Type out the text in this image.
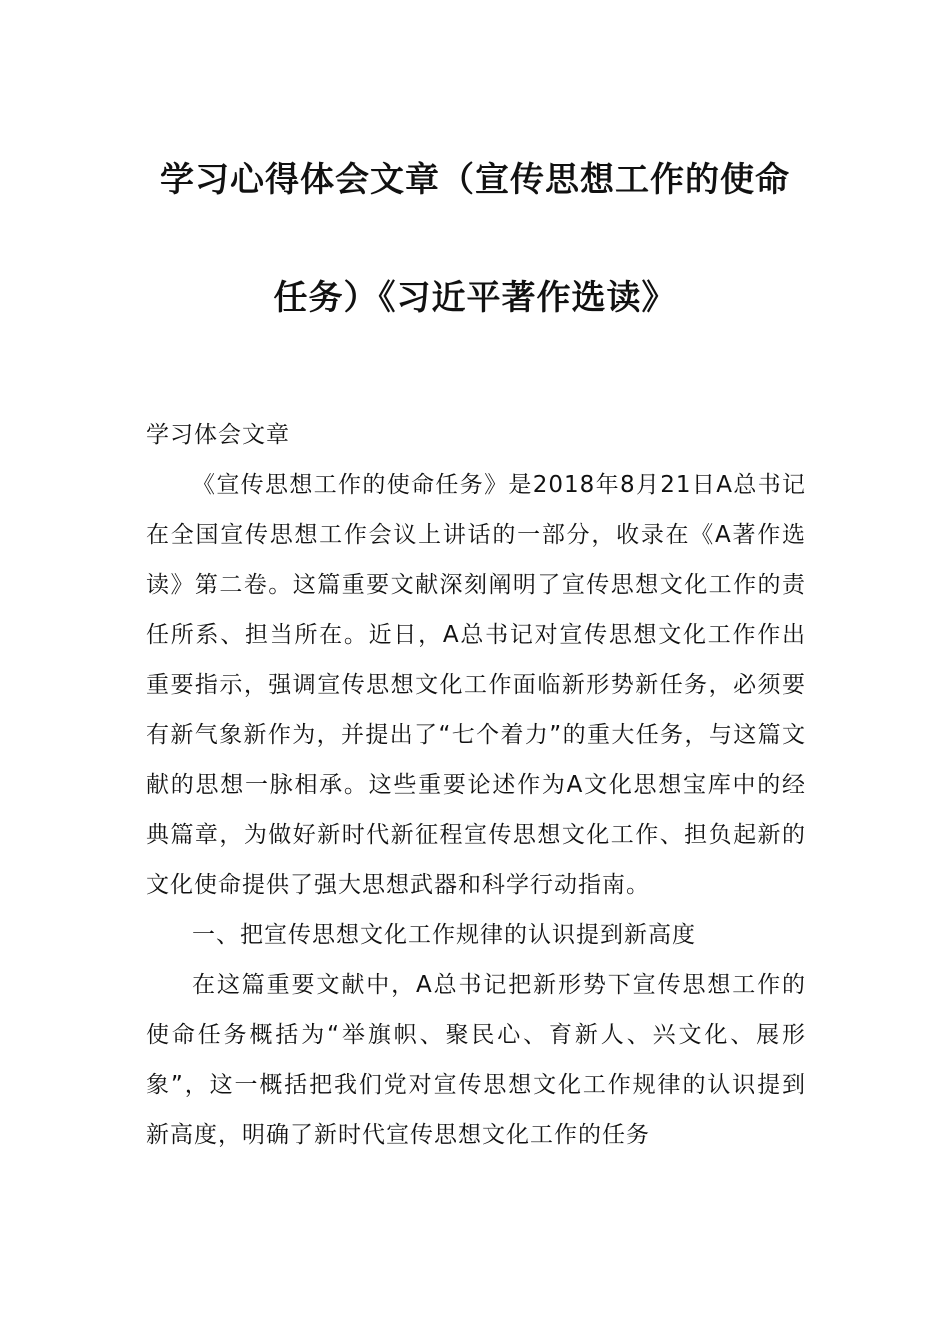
学习心得体会文章（宣传思想工作的使命
任务）《习近平著作选读》

学习体会文章

《宣传思想工作的使命任务》是2018年8月21日A总书记在全国宣传思想工作会议上讲话的一部分，收录在《A著作选读》第二卷。这篇重要文献深刻阐明了宣传思想文化工作的责任所系、担当所在。近日，A总书记对宣传思想文化工作作出重要指示，强调宣传思想文化工作面临新形势新任务，必须要有新气象新作为，并提出了“七个着力”的重大任务，与这篇文献的思想一脉相承。这些重要论述作为A文化思想宝库中的经典篇章，为做好新时代新征程宣传思想文化工作、担负起新的文化使命提供了强大思想武器和科学行动指南。

一、把宣传思想文化工作规律的认识提到新高度

在这篇重要文献中，A总书记把新形势下宣传思想工作的使命任务概括为“举旗帜、聚民心、育新人、兴文化、展形象”，这一概括把我们党对宣传思想文化工作规律的认识提到新高度，明确了新时代宣传思想文化工作的任务
